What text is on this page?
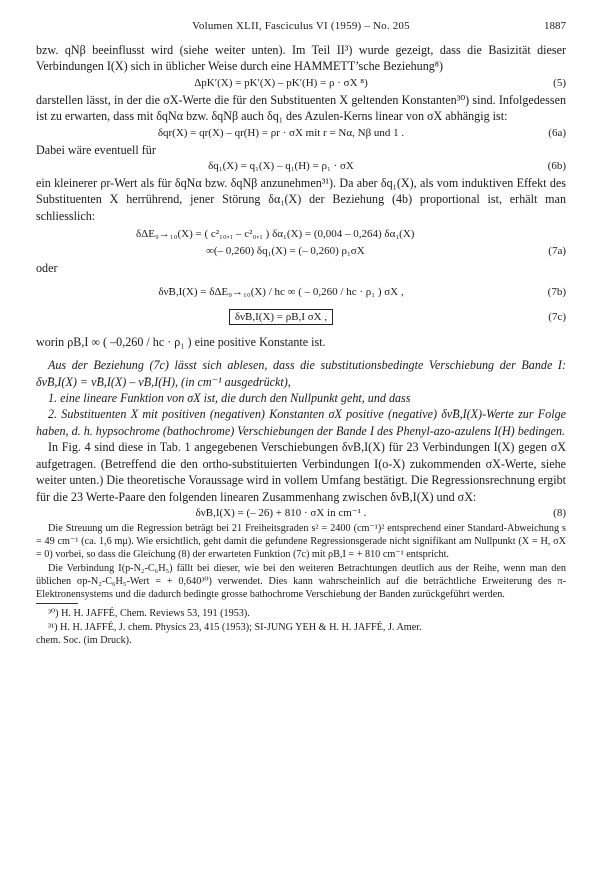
Volumen XLII, Fasciculus VI (1959) – No. 205	1887

bzw. qNβ beeinflusst wird (siehe weiter unten). Im Teil II³) wurde gezeigt, dass die Basizität dieser Verbindungen I(X) sich in üblicher Weise durch eine HAMMETT’sche Beziehung⁸)

ΔpK′(X) = pK′(X) – pK′(H) = ρ · σX ⁸)	(5)

darstellen lässt, in der die σX-Werte die für den Substituenten X geltenden Konstanten³⁰) sind. Infolgedessen ist zu erwarten, dass mit δqNα bzw. δqNβ auch δq₁ des Azulen-Kerns linear von σX abhängig ist:

δqr(X) = qr(X) – qr(H) = ρr · σX mit r = Nα, Nβ und 1 .	(6a)

Dabei wäre eventuell für

δq₁(X) = q₁(X) – q₁(H) = ρ₁ · σX	(6b)

ein kleinerer ρr-Wert als für δqNα bzw. δqNβ anzunehmen³¹). Da aber δq₁(X), als vom induktiven Effekt des Substituenten X herrührend, jener Störung δα₁(X) der Beziehung (4b) proportional ist, erhält man schliesslich:

δΔE₉→₁₀(X) = ( c²₁₀,₁ – c²₀,₁ ) δα₁(X) = (0,004 – 0,264) δα₁(X)
∞(– 0,260) δq₁(X) = (– 0,260) ρ₁σX	(7a)
oder
δν̃B,I(X) = δΔE₉→₁₀(X) / hc ∞ ( – 0,260 / hc · ρ₁ ) σX ,	(7b)
δν̃B,I(X) = ρB,I σX ,	(7c)
worin ρB,I ∞ ( –0,260 / hc · ρ₁ ) eine positive Konstante ist.

Aus der Beziehung (7c) lässt sich ablesen, dass die substitutionsbedingte Verschiebung der Bande I: δν̃B,I(X) = ν̃B,I(X) – ν̃B,I(H), (in cm⁻¹ ausgedrückt),

1. eine lineare Funktion von σX ist, die durch den Nullpunkt geht, und dass

2. Substituenten X mit positiven (negativen) Konstanten σX positive (negative) δν̃B,I(X)-Werte zur Folge haben, d. h. hypsochrome (bathochrome) Verschiebungen der Bande I des Phenyl-azo-azulens I(H) bedingen.

In Fig. 4 sind diese in Tab. 1 angegebenen Verschiebungen δνB,I(X) für 23 Verbindungen I(X) gegen σX aufgetragen. (Betreffend die den ortho-substituierten Verbindungen I(o-X) zukommenden σX-Werte, siehe weiter unten.) Die theoretische Voraussage wird in vollem Umfang bestätigt. Die Regressionsrechnung ergibt für die 23 Werte-Paare den folgenden linearen Zusammenhang zwischen δν̃B,I(X) und σX:

δν̃B,I(X) = (– 26) + 810 · σX in cm⁻¹ .	(8)

Die Streuung um die Regression beträgt bei 21 Freiheitsgraden s² = 2400 (cm⁻¹)² entsprechend einer Standard-Abweichung s = 49 cm⁻¹ (ca. 1,6 mμ). Wie ersichtlich, geht damit die gefundene Regressionsgerade nicht signifikant am Nullpunkt (X = H, σX = 0) vorbei, so dass die Gleichung (8) der erwarteten Funktion (7c) mit ρB,I = + 810 cm⁻¹ entspricht.

Die Verbindung I(p-N₂-C₆H₅) fällt bei dieser, wie bei den weiteren Betrachtungen deutlich aus der Reihe, wenn man den üblichen σp-N₂-C₆H₅-Wert = + 0,640³⁰) verwendet. Dies kann wahrscheinlich auf die beträchtliche Erweiterung des π-Elektronensystems und die dadurch bedingte grosse bathochrome Verschiebung der Banden zurückgeführt werden.

³⁰) H. H. JAFFÉ, Chem. Reviews 53, 191 (1953).
³¹) H. H. JAFFÉ, J. chem. Physics 23, 415 (1953); SI-JUNG YEH & H. H. JAFFÉ, J. Amer.
chem. Soc. (im Druck).
